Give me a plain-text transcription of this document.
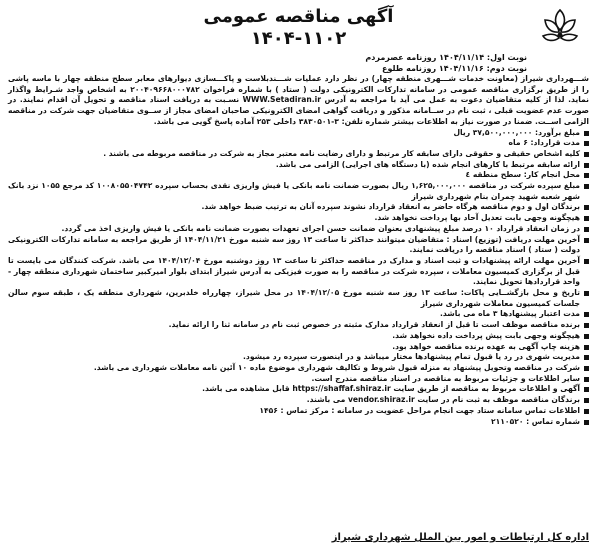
آگهی مناقصه عمومی
۱۴۰۴-۱۱۰۲
نوبت اول: ۱۴۰۴/۱۱/۱۴ روزنامه عصرمردم
نوبت دوم: ۱۴۰۴/۱۱/۱۶ روزنامه طلوع

شـــهرداری شیراز (معاونت خدمات شـــهری منطقه چهار) در نظر دارد عملیات شـــندبلاست و پاکـــسازی دیوارهای معابر سطح منطقه چهار با ماسه پاشی را از طریق برگزاری مناقصه عمومی در سامانه تدارکات الکترونیکی دولت ( ستاد ) با شماره فراخوان ۲۰۰۴۰۹۶۶۸۰۰۰۷۸۲ به اشخاص واجد شـرایط واگذار نماید. لذا از کلیه متقاضیان دعوت به عمل می آید با مراجعه به آدرس WWW.Setadiran.ir نسـبت به دریافت اسناد مناقصه و تحویل آن اقدام نمایند. در صورت عدم عضویت قبلی ، ثبت نام در ســامانه مذکور و دریافت گواهی امضای الکترونیکی صاحبان امضای مجاز از ســوی متقاضیان جهت شرکت در مناقصه الزامی اســت. ضمنا در صورت نیاز به اطلاعات بیشتر شماره تلفن: ۳-۳۸۳۰۵۰۱ داخلی ۲۵۳ آماده پاسخ گویی می باشد.

مبلغ برآورد: ۳۷,۵۰۰,۰۰۰,۰۰۰ ریال
مدت قرارداد: ۶ ماه
کلیه اشخاص حقیقی و حقوقی دارای سابقه کار مرتبط و دارای رضایت نامه معتبر مجاز به شرکت در مناقصه مربوطه می باشند .
ارائه سابقه مرتبط با کارهای انجام شده (با دستگاه های اجرایی) الزامی می باشد.
محل انجام کار: سطح منطقه ٤
مبلغ سپرده شرکت در مناقصه ۱,۶۲۵,۰۰۰,۰۰۰ ریال بصورت ضمانت نامه بانکی یا فیش واریزی نقدی بحساب سپرده ۱۰۰۸۰۵۵۰۴۷۴۲ کد مرجع ۱۰۵۵ نزد بانک شهر شعبه شهید چمران بنام شهرداری شیراز
برندگان اول و دوم مناقصه هرگاه حاضر به انعقاد قرارداد نشوند سپرده آنان به ترتیب ضبط خواهد شد.
هیچگونه وجهی بابت تعدیل آحاد بها پرداخت نخواهد شد.
در زمان انعقاد قرارداد ۱۰ درصد مبلغ پیشنهادی بعنوان ضمانت حسن اجرای تعهدات بصورت ضمانت نامه بانکی یا فیش واریزی اخذ می گردد.
آخرین مهلت دریافت (توزیع) اسناد : متقاضیان میتوانند حداکثر تا ساعت ۱۳ روز سه شنبه مورخ ۱۴۰۴/۱۱/۲۱ از طریق مراجعه به سامانه تدارکات الکترونیکی دولت ( ستاد ) اسناد مناقصه را دریافت نمایند.
آخرین مهلت ارائه پیشنهادات و ثبت اسناد و مدارک در مناقصه حداکثر تا ساعت ۱۳ روز دوشنبه مورخ ۱۴۰۴/۱۲/۰۴ می باشد. شرکت کنندگان می بایست تا قبل از برگزاری کمیسیون معاملات ، سپرده شرکت در مناقصه را به صورت فیزیکی به آدرس شیراز ابتدای بلوار امیرکبیر ساختمان شهرداری منطقه چهار - واحد قراردادها تحویل نمایند.
تاریخ و محل بازگشــایی پاکات: ساعت ۱۳ روز سه شنبه مورخ ۱۴۰۴/۱۲/۰۵ در محل شیراز، چهارراه خلدبرین، شهرداری منطقه یک ، طبقه سوم سالن جلسات کمیسیون معاملات شهرداری شیراز
مدت اعتبار پیشنهادها ۳ ماه می باشد.
برنده مناقصه موظف است تا قبل از انعقاد قرارداد مدارک مثبته در خصوص ثبت نام در سامانه ثنا را ارائه نماید.
هیچگونه وجهی بابت پیش پرداخت داده نخواهد شد.
هزینه چاپ آگهی به عهده برنده مناقصه خواهد بود.
مدیریت شهری در رد یا قبول تمام پیشنهادها مختار میباشد و در اینصورت سپرده رد میشود.
شرکت در مناقصه وتحویل پیشنهاد به منزله قبول شروط و تکالیف شهرداری موضوع ماده ۱۰ آئین نامه معاملات شهرداری می باشد.
سایر اطلاعات و جزئیات مربوط به مناقصه در اسناد مناقصه مندرج است.
آگهی و اطلاعات مربوط به مناقصه از طریق سایت https://shaffaf.shiraz.ir قابل مشاهده می باشد.
برندگان مناقصه موظف به ثبت نام در سایت vendor.shiraz.ir می باشند.
اطلاعات تماس سامانه ستاد جهت انجام مراحل عضویت در سامانه : مرکز تماس : ۱۴۵۶
شماره تماس : ۲۱۱۰۵۲۰
اداره کل ارتباطات و امور بین الملل شهرداری شیراز
